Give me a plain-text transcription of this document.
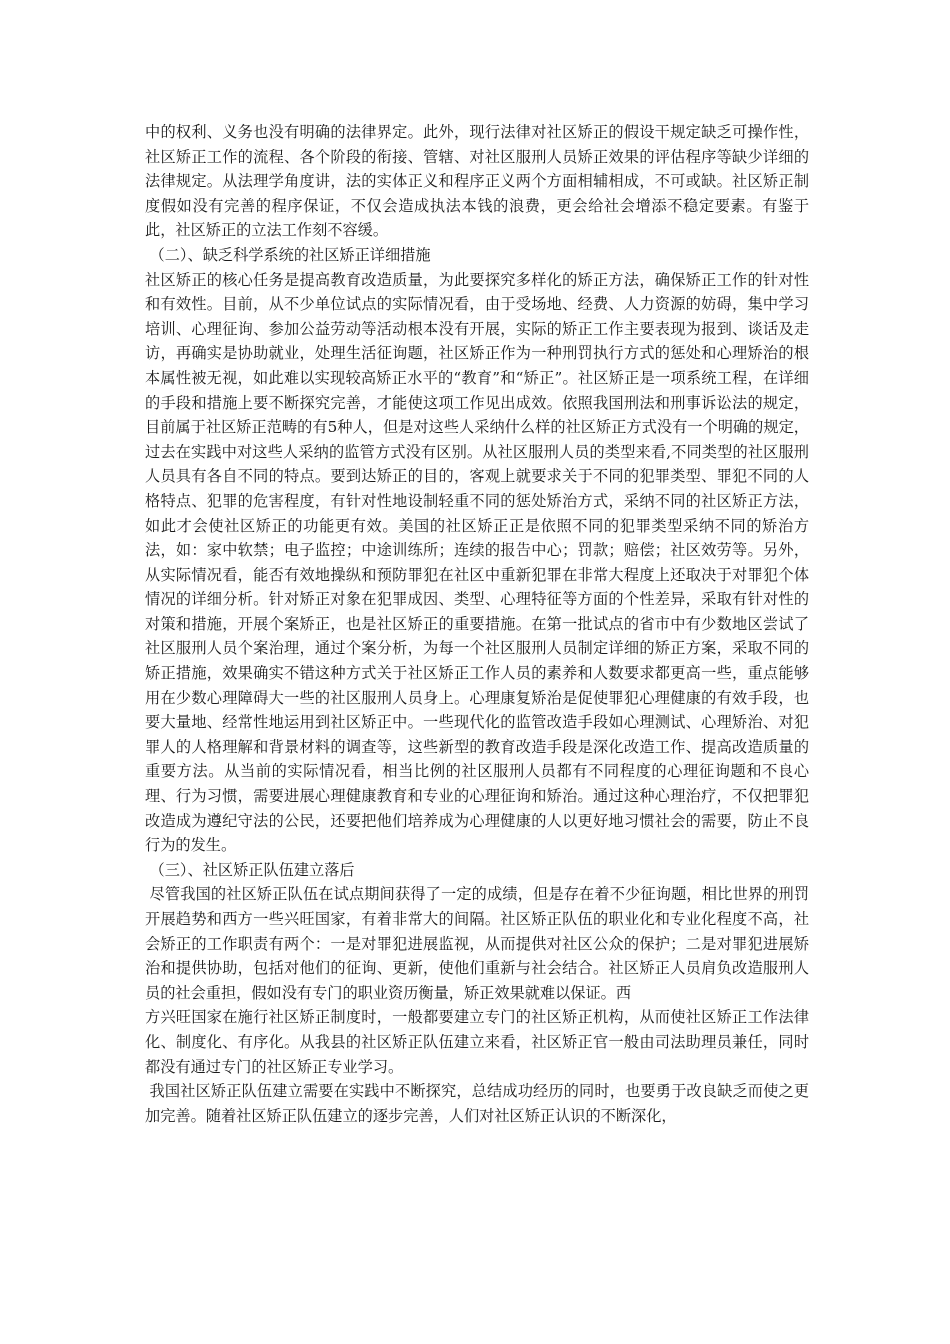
中的权利、义务也没有明确的法律界定。此外，现行法律对社区矫正的假设干规定缺乏可操作性，社区矫正工作的流程、各个阶段的衔接、管辖、对社区服刑人员矫正效果的评估程序等缺少详细的法律规定。从法理学角度讲，法的实体正义和程序正义两个方面相辅相成，不可或缺。社区矫正制度假如没有完善的程序保证，不仅会造成执法本钱的浪费，更会给社会增添不稳定要素。有鉴于此，社区矫正的立法工作刻不容缓。

（二）、缺乏科学系统的社区矫正详细措施

社区矫正的核心任务是提高教育改造质量，为此要探究多样化的矫正方法，确保矫正工作的针对性和有效性。目前，从不少单位试点的实际情况看，由于受场地、经费、人力资源的妨碍，集中学习培训、心理征询、参加公益劳动等活动根本没有开展，实际的矫正工作主要表现为报到、谈话及走访，再确实是协助就业，处理生活征询题，社区矫正作为一种刑罚执行方式的惩处和心理矫治的根本属性被无视，如此难以实现较高矫正水平的“教育”和“矫正”。社区矫正是一项系统工程，在详细的手段和措施上要不断探究完善，才能使这项工作见出成效。依照我国刑法和刑事诉讼法的规定，目前属于社区矫正范畴的有5种人，但是对这些人采纳什么样的社区矫正方式没有一个明确的规定，过去在实践中对这些人采纳的监管方式没有区别。从社区服刑人员的类型来看,不同类型的社区服刑人员具有各自不同的特点。要到达矫正的目的，客观上就要求关于不同的犯罪类型、罪犯不同的人格特点、犯罪的危害程度，有针对性地设制轻重不同的惩处矫治方式，采纳不同的社区矫正方法，如此才会使社区矫正的功能更有效。美国的社区矫正正是依照不同的犯罪类型采纳不同的矫治方法，如：家中软禁；电子监控；中途训练所；连续的报告中心；罚款；赔偿；社区效劳等。另外，从实际情况看，能否有效地操纵和预防罪犯在社区中重新犯罪在非常大程度上还取决于对罪犯个体情况的详细分析。针对矫正对象在犯罪成因、类型、心理特征等方面的个性差异，采取有针对性的对策和措施，开展个案矫正，也是社区矫正的重要措施。在第一批试点的省市中有少数地区尝试了社区服刑人员个案治理，通过个案分析，为每一个社区服刑人员制定详细的矫正方案，采取不同的矫正措施，效果确实不错这种方式关于社区矫正工作人员的素养和人数要求都更高一些，重点能够用在少数心理障碍大一些的社区服刑人员身上。心理康复矫治是促使罪犯心理健康的有效手段，也要大量地、经常性地运用到社区矫正中。一些现代化的监管改造手段如心理测试、心理矫治、对犯罪人的人格理解和背景材料的调查等，这些新型的教育改造手段是深化改造工作、提高改造质量的重要方法。从当前的实际情况看，相当比例的社区服刑人员都有不同程度的心理征询题和不良心理、行为习惯，需要进展心理健康教育和专业的心理征询和矫治。通过这种心理治疗，不仅把罪犯改造成为遵纪守法的公民，还要把他们培养成为心理健康的人以更好地习惯社会的需要，防止不良行为的发生。

（三）、社区矫正队伍建立落后

尽管我国的社区矫正队伍在试点期间获得了一定的成绩，但是存在着不少征询题，相比世界的刑罚开展趋势和西方一些兴旺国家，有着非常大的间隔。社区矫正队伍的职业化和专业化程度不高，社会矫正的工作职责有两个：一是对罪犯进展监视，从而提供对社区公众的保护；二是对罪犯进展矫治和提供协助，包括对他们的征询、更新，使他们重新与社会结合。社区矫正人员肩负改造服刑人员的社会重担，假如没有专门的职业资历衡量，矫正效果就难以保证。西

方兴旺国家在施行社区矫正制度时，一般都要建立专门的社区矫正机构，从而使社区矫正工作法律化、制度化、有序化。从我县的社区矫正队伍建立来看，社区矫正官一般由司法助理员兼任，同时都没有通过专门的社区矫正专业学习。

我国社区矫正队伍建立需要在实践中不断探究，总结成功经历的同时，也要勇于改良缺乏而使之更加完善。随着社区矫正队伍建立的逐步完善，人们对社区矫正认识的不断深化，
